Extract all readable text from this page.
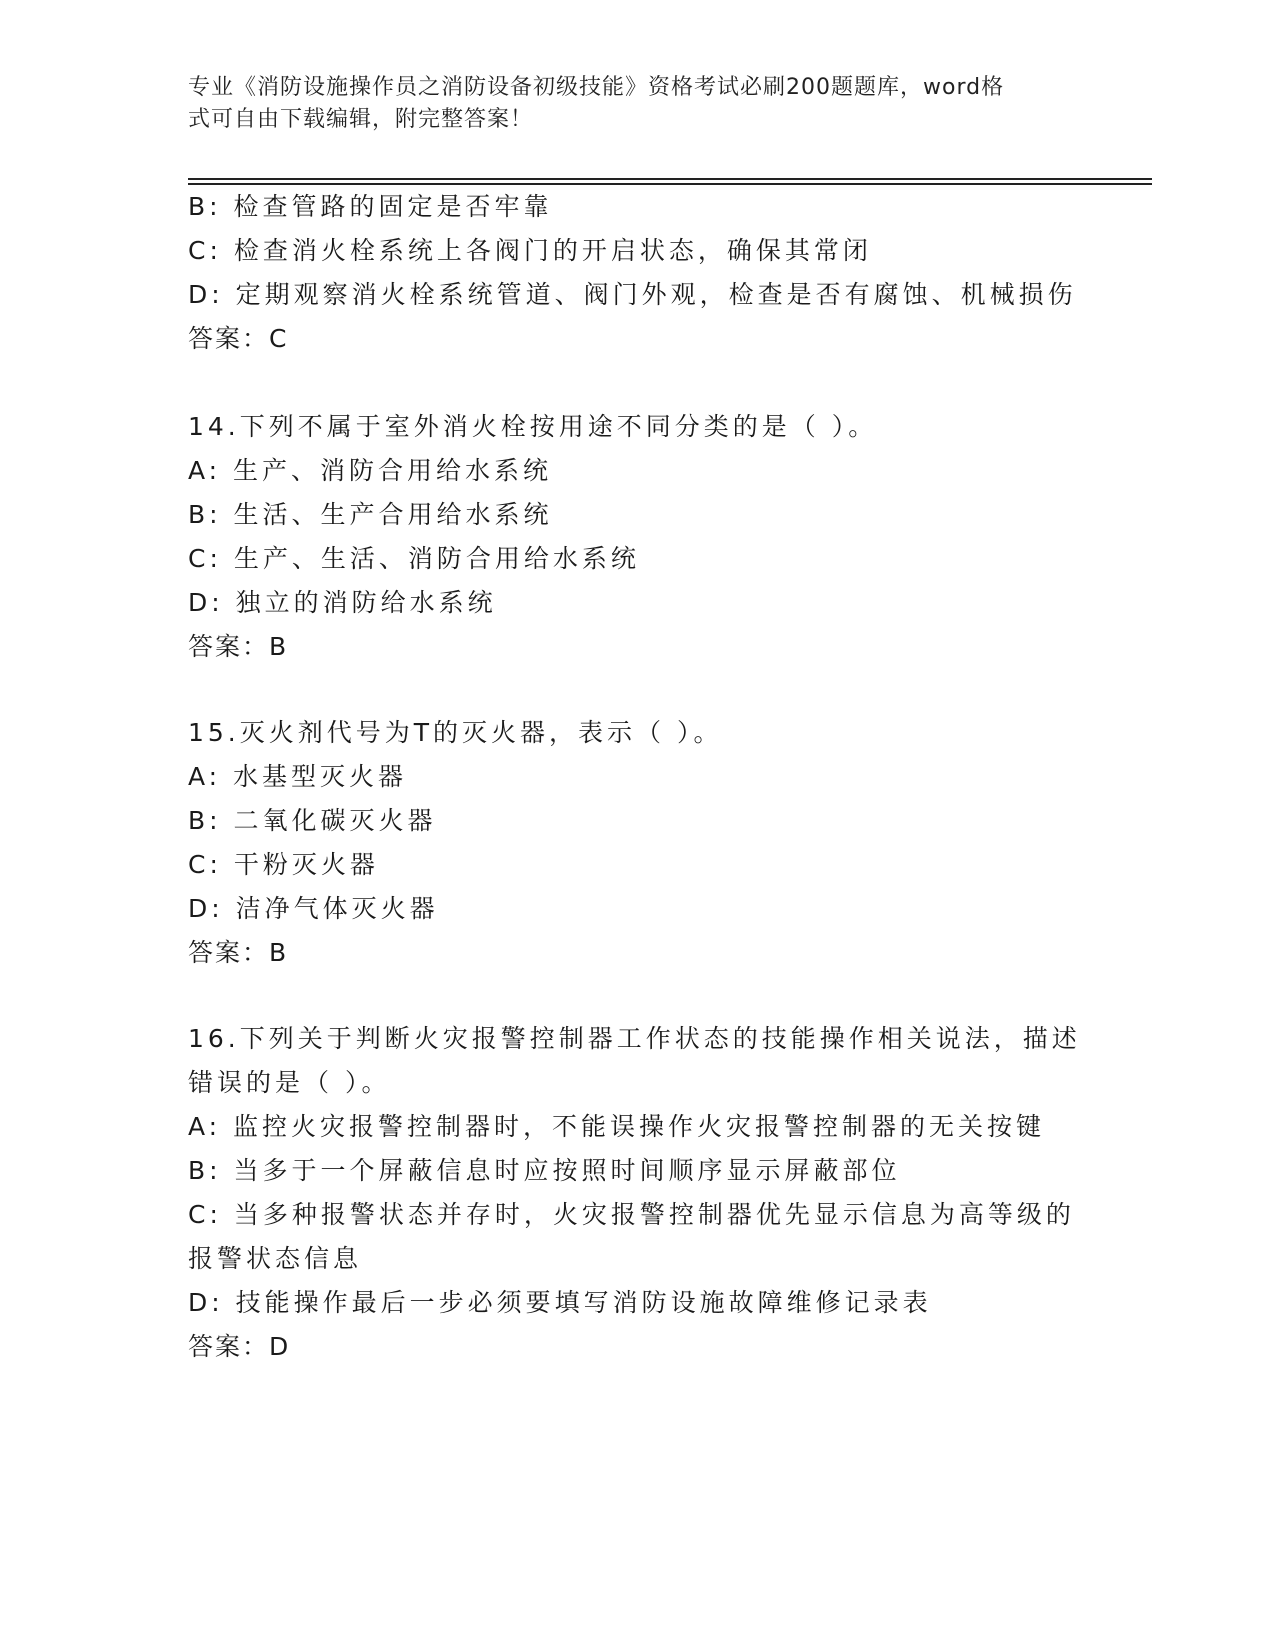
专业《消防设施操作员之消防设备初级技能》资格考试必刷200题题库，word格
式可自由下载编辑，附完整答案！
B: 检查管路的固定是否牢靠
C: 检查消火栓系统上各阀门的开启状态，确保其常闭
D: 定期观察消火栓系统管道、阀门外观，检查是否有腐蚀、机械损伤
答案：C
14.下列不属于室外消火栓按用途不同分类的是（ ）。
A: 生产、消防合用给水系统
B: 生活、生产合用给水系统
C: 生产、生活、消防合用给水系统
D: 独立的消防给水系统
答案：B
15.灭火剂代号为T的灭火器，表示（ ）。
A: 水基型灭火器
B: 二氧化碳灭火器
C: 干粉灭火器
D: 洁净气体灭火器
答案：B
16.下列关于判断火灾报警控制器工作状态的技能操作相关说法，描述
错误的是（ ）。
A: 监控火灾报警控制器时，不能误操作火灾报警控制器的无关按键
B: 当多于一个屏蔽信息时应按照时间顺序显示屏蔽部位
C: 当多种报警状态并存时，火灾报警控制器优先显示信息为高等级的
报警状态信息
D: 技能操作最后一步必须要填写消防设施故障维修记录表
答案：D
